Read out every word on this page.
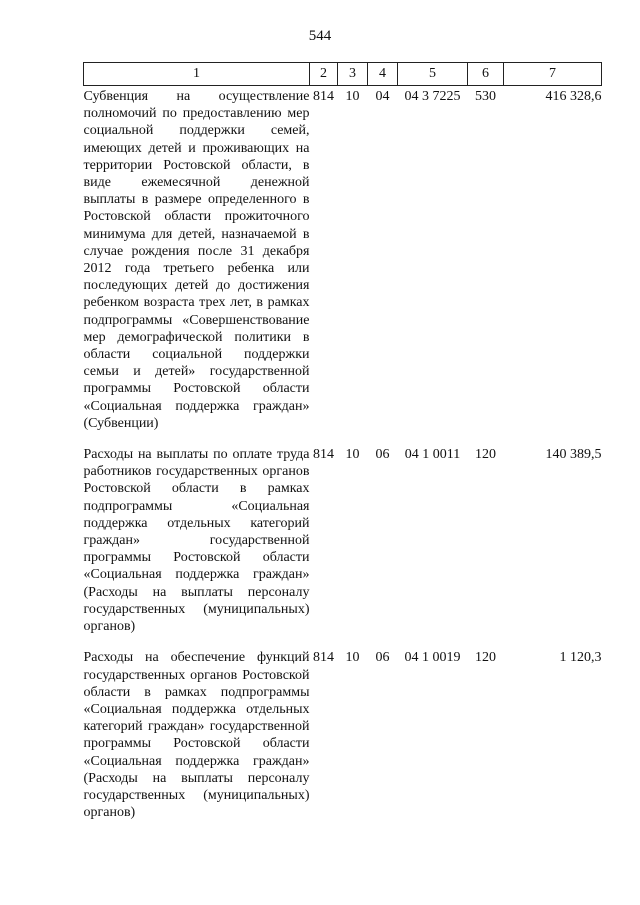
544
1	2	3	4	5	6	7
Субвенция на осуществление полномочий по предоставлению мер социальной поддержки семей, имеющих детей и проживающих на территории Ростовской области, в виде ежемесячной денежной выплаты в размере определенного в Ростовской области прожиточного минимума для детей, назначаемой в случае рождения после 31 декабря 2012 года третьего ребенка или последующих детей до достижения ребенком возраста трех лет, в рамках подпрограммы «Совершенствование мер демографической политики в области социальной поддержки семьи и детей» государственной программы Ростовской области «Социальная поддержка граждан» (Субвенции)	814	10	04	04 3 7225	530	416 328,6
Расходы на выплаты по оплате труда работников государственных органов Ростовской области в рамках подпрограммы «Социальная поддержка отдельных категорий граждан» государственной программы Ростовской области «Социальная поддержка граждан» (Расходы на выплаты персоналу государственных (муниципальных) органов)	814	10	06	04 1 0011	120	140 389,5
Расходы на обеспечение функций государственных органов Ростовской области в рамках подпрограммы «Социальная поддержка отдельных категорий граждан» государственной программы Ростовской области «Социальная поддержка граждан» (Расходы на выплаты персоналу государственных (муниципальных) органов)	814	10	06	04 1 0019	120	1 120,3
